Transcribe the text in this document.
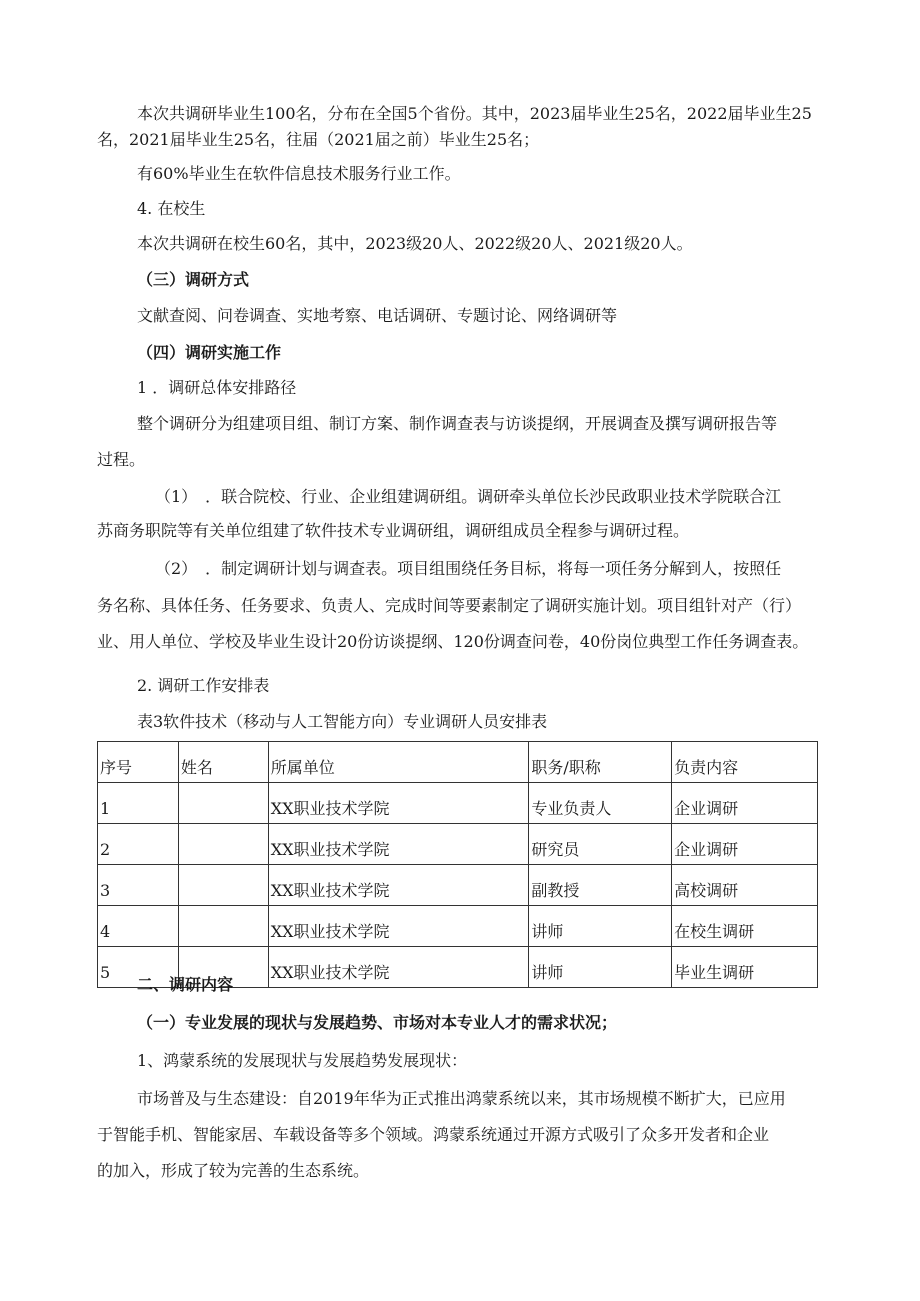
本次共调研毕业生100名，分布在全国5个省份。其中，2023届毕业生25名，2022届毕业生25
名，2021届毕业生25名，往届（2021届之前）毕业生25名；
有60%毕业生在软件信息技术服务行业工作。
4. 在校生
本次共调研在校生60名，其中，2023级20人、2022级20人、2021级20人。
（三）调研方式
文献查阅、问卷调查、实地考察、电话调研、专题讨论、网络调研等
（四）调研实施工作
1 ．调研总体安排路径
整个调研分为组建项目组、制订方案、制作调查表与访谈提纲，开展调查及撰写调研报告等
过程。
（1）　．联合院校、行业、企业组建调研组。调研牵头单位长沙民政职业技术学院联合江
苏商务职院等有关单位组建了软件技术专业调研组，调研组成员全程参与调研过程。
（2）　．制定调研计划与调查表。项目组围绕任务目标，将每一项任务分解到人，按照任
务名称、具体任务、任务要求、负责人、完成时间等要素制定了调研实施计划。项目组针对产（行）
业、用人单位、学校及毕业生设计20份访谈提纲、120份调查问卷，40份岗位典型工作任务调查表。
2. 调研工作安排表
表3软件技术（移动与人工智能方向）专业调研人员安排表
序号	姓名	所属单位	职务/职称	负责内容
1		XX职业技术学院	专业负责人	企业调研
2		XX职业技术学院	研究员	企业调研
3		XX职业技术学院	副教授	高校调研
4		XX职业技术学院	讲师	在校生调研
5		XX职业技术学院	讲师	毕业生调研
二、调研内容
（一）专业发展的现状与发展趋势、市场对本专业人才的需求状况；
1、鸿蒙系统的发展现状与发展趋势发展现状：
市场普及与生态建设：自2019年华为正式推出鸿蒙系统以来，其市场规模不断扩大，已应用
于智能手机、智能家居、车载设备等多个领域。鸿蒙系统通过开源方式吸引了众多开发者和企业
的加入，形成了较为完善的生态系统。
